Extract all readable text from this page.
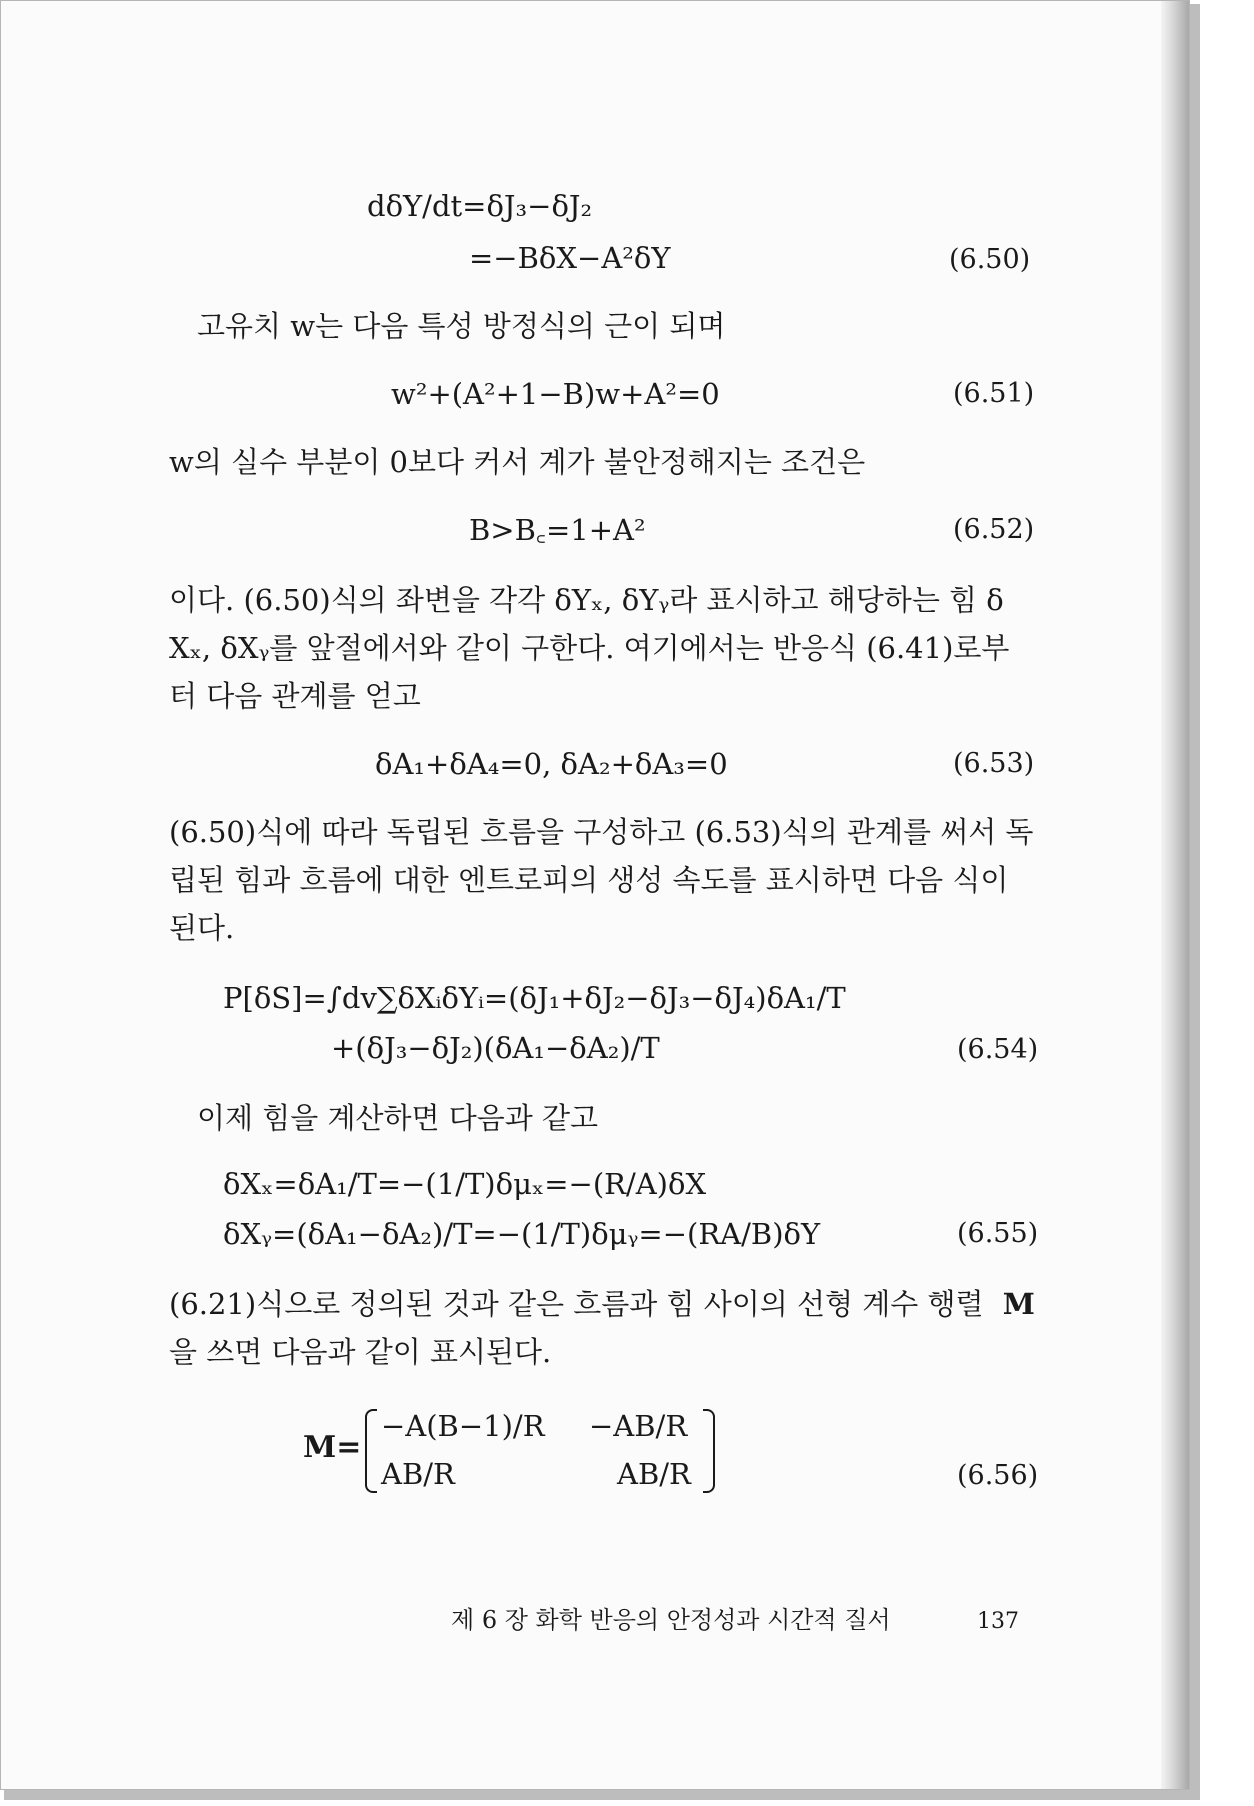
dδY/dt=δJ₃−δJ₂
=−BδX−A²δY	(6.50)
고유치 w는 다음 특성 방정식의 근이 되며
w²+(A²+1−B)w+A²=0	(6.51)
w의 실수 부분이 0보다 커서 계가 불안정해지는 조건은
B>B꜀=1+A²	(6.52)
이다. (6.50)식의 좌변을 각각 δYₓ, δYᵧ라 표시하고 해당하는 힘 δ
Xₓ, δXᵧ를 앞절에서와 같이 구한다. 여기에서는 반응식 (6.41)로부
터 다음 관계를 얻고
δA₁+δA₄=0, δA₂+δA₃=0	(6.53)
(6.50)식에 따라 독립된 흐름을 구성하고 (6.53)식의 관계를 써서 독
립된 힘과 흐름에 대한 엔트로피의 생성 속도를 표시하면 다음 식이
된다.
P[δS]=∫dv∑δXᵢδYᵢ=(δJ₁+δJ₂−δJ₃−δJ₄)δA₁/T
+(δJ₃−δJ₂)(δA₁−δA₂)/T	(6.54)
이제 힘을 계산하면 다음과 같고
δXₓ=δA₁/T=−(1/T)δμₓ=−(R/A)δX
δXᵧ=(δA₁−δA₂)/T=−(1/T)δμᵧ=−(RA/B)δY	(6.55)
(6.21)식으로 정의된 것과 같은 흐름과 힘 사이의 선형 계수 행렬 M
을 쓰면 다음과 같이 표시된다.
M=
−A(B−1)/R −AB/R
AB/R	AB/R	(6.56)
제 6 장 화학 반응의 안정성과 시간적 질서	137
